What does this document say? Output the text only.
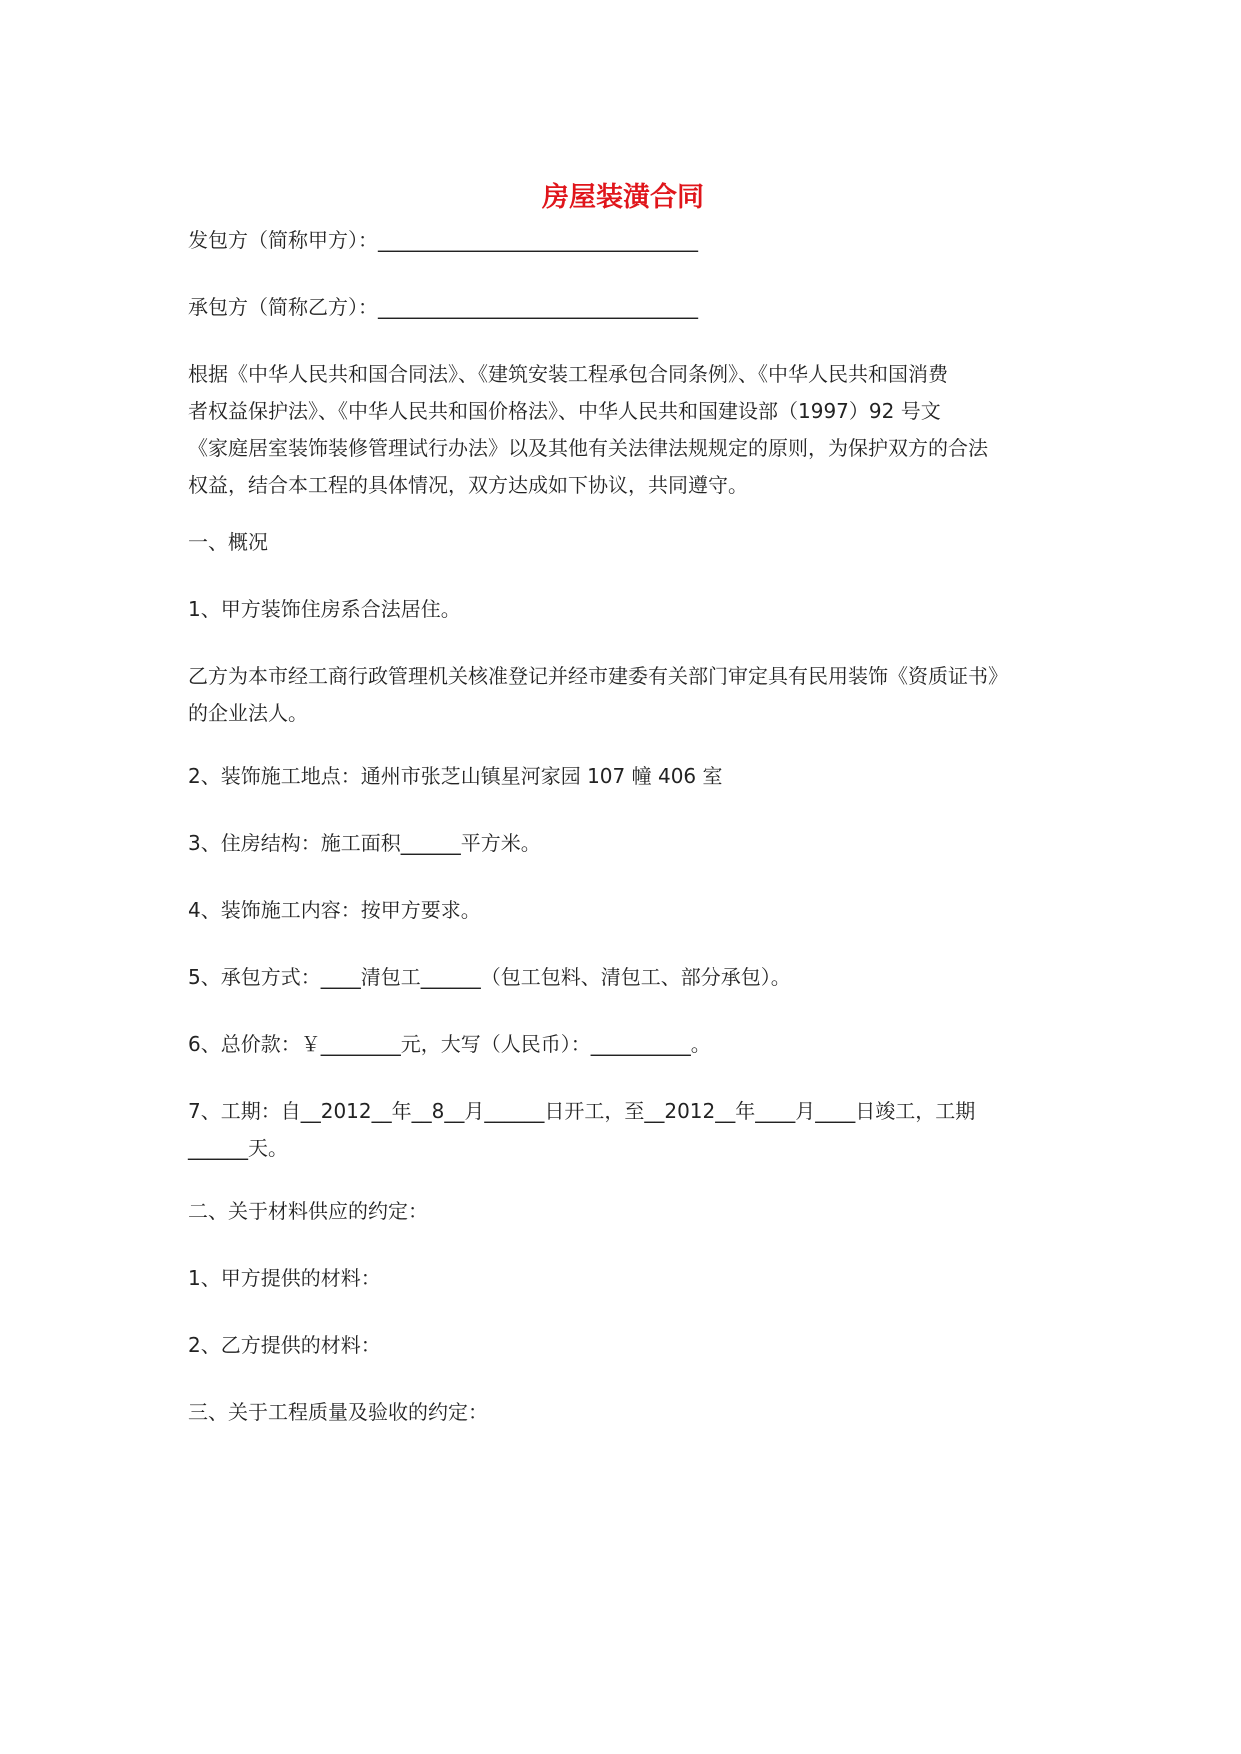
房屋装潢合同
发包方（简称甲方）：________________________________
承包方（简称乙方）：________________________________
根据《中华人民共和国合同法》、《建筑安装工程承包合同条例》、《中华人民共和国消费
者权益保护法》、《中华人民共和国价格法》、中华人民共和国建设部（1997）92 号文
《家庭居室装饰装修管理试行办法》以及其他有关法律法规规定的原则，为保护双方的合法
权益，结合本工程的具体情况，双方达成如下协议，共同遵守。
一、概况
1、甲方装饰住房系合法居住。
乙方为本市经工商行政管理机关核准登记并经市建委有关部门审定具有民用装饰《资质证书》
的企业法人。
2、装饰施工地点：通州市张芝山镇星河家园 107 幢 406 室
3、住房结构：施工面积______平方米。
4、装饰施工内容：按甲方要求。
5、承包方式：____清包工______（包工包料、清包工、部分承包）。
6、总价款：￥________元，大写（人民币）：__________。
7、工期：自__2012__年__8__月______日开工，至__2012__年____月____日竣工，工期
______天。
二、关于材料供应的约定：
1、甲方提供的材料：
2、乙方提供的材料：
三、关于工程质量及验收的约定：
